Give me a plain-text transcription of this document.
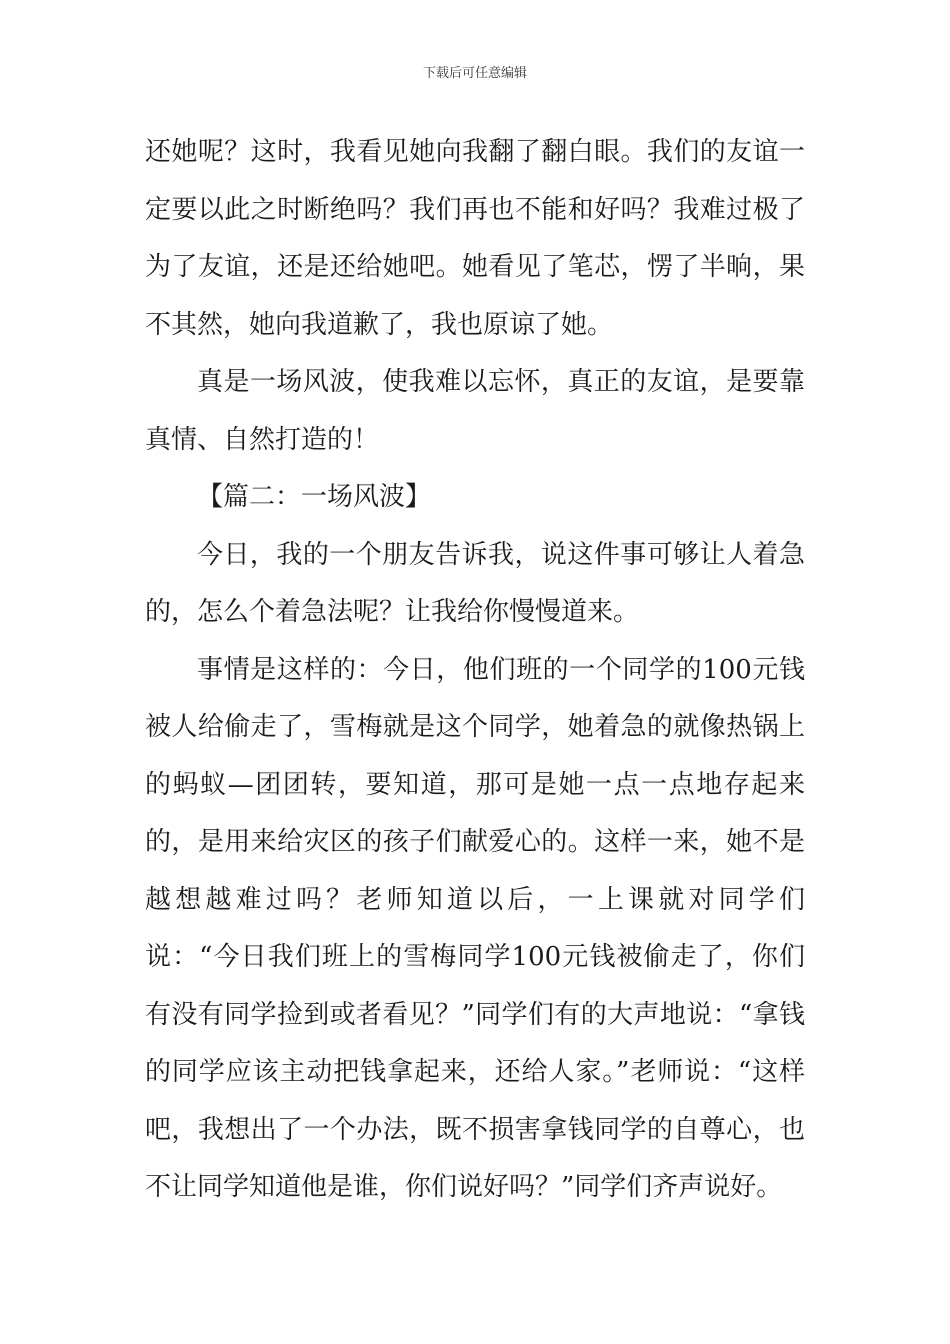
下载后可任意编辑

还她呢？这时，我看见她向我翻了翻白眼。我们的友谊一定要以此之时断绝吗？我们再也不能和好吗？我难过极了为了友谊，还是还给她吧。她看见了笔芯，愣了半晌，果不其然，她向我道歉了，我也原谅了她。

真是一场风波，使我难以忘怀，真正的友谊，是要靠真情、自然打造的！

【篇二：一场风波】

今日，我的一个朋友告诉我，说这件事可够让人着急的，怎么个着急法呢？让我给你慢慢道来。

事情是这样的：今日，他们班的一个同学的100元钱被人给偷走了，雪梅就是这个同学，她着急的就像热锅上的蚂蚁—团团转，要知道，那可是她一点一点地存起来的，是用来给灾区的孩子们献爱心的。这样一来，她不是越想越难过吗？老师知道以后，一上课就对同学们说：“今日我们班上的雪梅同学100元钱被偷走了，你们有没有同学捡到或者看见？”同学们有的大声地说：“拿钱的同学应该主动把钱拿起来，还给人家。”老师说：“这样吧，我想出了一个办法，既不损害拿钱同学的自尊心，也不让同学知道他是谁，你们说好吗？”同学们齐声说好。
